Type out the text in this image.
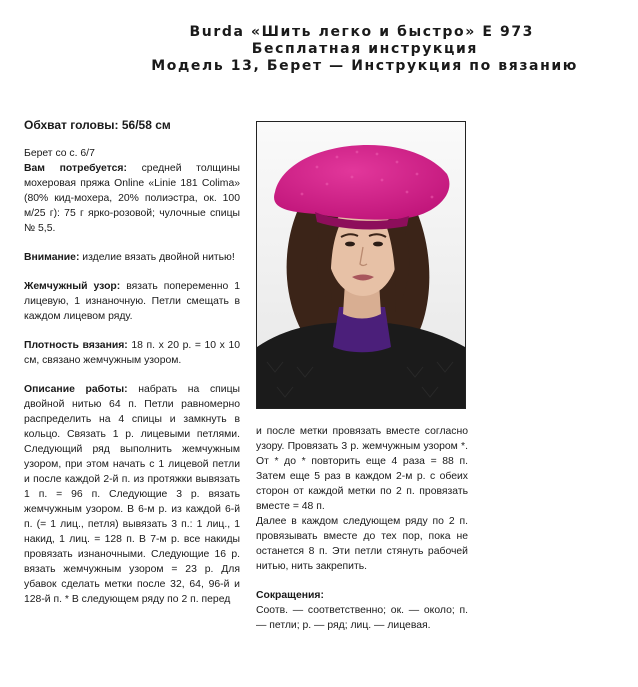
Burda «Шить легко и быстро» E 973
Бесплатная инструкция
Модель 13, Берет — Инструкция по вязанию
Обхват головы: 56/58 см
Берет со с. 6/7
Вам потребуется: средней толщины мохеровая пряжа Online «Linie 181 Colima» (80% кид-мохера, 20% полиэстра, ок. 100 м/25 г): 75 г ярко-розовой; чулочные спицы № 5,5.
Внимание: изделие вязать двойной нитью!
Жемчужный узор: вязать попеременно 1 лицевую, 1 изнаночную. Петли смещать в каждом лицевом ряду.
Плотность вязания: 18 п. х 20 р. = 10 х 10 см, связано жемчужным узором.
Описание работы: набрать на спицы двойной нитью 64 п. Петли равномерно распределить на 4 спицы и замкнуть в кольцо. Связать 1 р. лицевыми петлями. Следующий ряд выполнить жемчужным узором, при этом начать с 1 лицевой петли и после каждой 2-й п. из протяжки вывязать 1 п. = 96 п. Следующие 3 р. вязать жемчужным узором. В 6-м р. из каждой 6-й п. (= 1 лиц., петля) вывязать 3 п.: 1 лиц., 1 накид, 1 лиц. = 128 п. В 7-м р. все накиды провязать изнаночными. Следующие 16 р. вязать жемчужным узором = 23 р. Для убавок сделать метки после 32, 64, 96-й и 128-й п. * В следующем ряду по 2 п. перед
и после метки провязать вместе согласно узору. Провязать 3 р. жемчужным узором *. От * до * повторить еще 4 раза = 88 п. Затем еще 5 раз в каждом 2-м р. с обеих сторон от каждой метки по 2 п. провязать вместе = 48 п.
Далее в каждом следующем ряду по 2 п. провязывать вместе до тех пор, пока не останется 8 п. Эти петли стянуть рабочей нитью, нить закрепить.
Сокращения:
Соотв. — соответственно; ок. — около; п. — петли; р. — ряд; лиц. — лицевая.
